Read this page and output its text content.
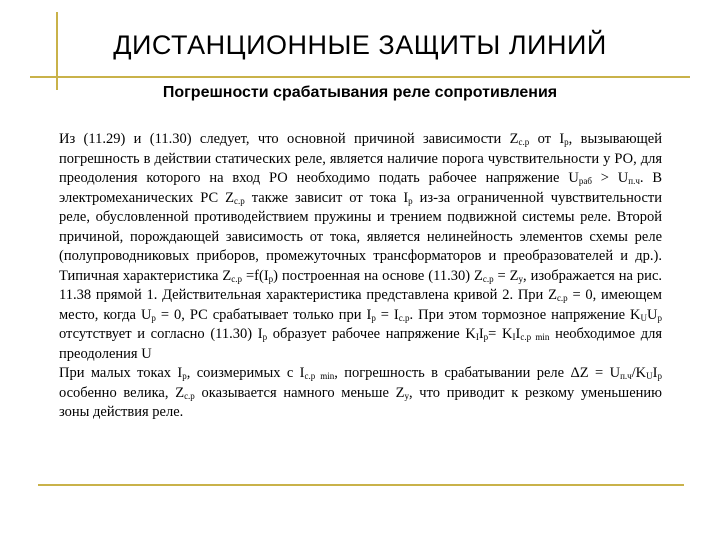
ДИСТАНЦИОННЫЕ ЗАЩИТЫ ЛИНИЙ
Погрешности срабатывания реле сопротивления

Из (11.29) и (11.30) следует, что основной причиной зависимости $Z_{с.р}$ от $I_р$, вызывающей погрешность в действии статических реле, является наличие порога чувствительности у РО, для преодоления которого на вход РО необходимо подать рабочее напряжение $U_{раб} > U_{п.ч}$. В электромеханических РС $Z_{с.р}$ также зависит от тока $I_р$ из-за ограниченной чувствительности реле, обусловленной противодействием пружины и трением подвижной системы реле. Второй причиной, порождающей зависимость от тока, является нелинейность элементов схемы реле (полупроводниковых приборов, промежуточных трансформаторов и преобразователей и др.). Типичная характеристика $Z_{с.р} =f(I_р)$ построенная на основе (11.30) $Z_{с.р} = Z_у$, изображается на рис. 11.38 прямой 1. Действительная характеристика представлена кривой 2. При $Z_{с.р} = 0$, имеющем место, когда $U_р = 0$, РС срабатывает только при $I_р = I_{с.р}$. При этом тормозное напряжение $K_UU_р$ отсутствует и согласно (11.30) $I_р$ образует рабочее напряжение $K_II_р= K_II_{с.р min}$ необходимое для преодоления U

При малых токах $I_р$, соизмеримых с $I_{с.р min}$, погрешность в срабатывании реле $\Delta Z = U_{п.ч}/K_UI_р$ особенно велика, $Z_{с.р}$ оказывается намного меньше $Z_у$, что приводит к резкому уменьшению зоны действия реле.
